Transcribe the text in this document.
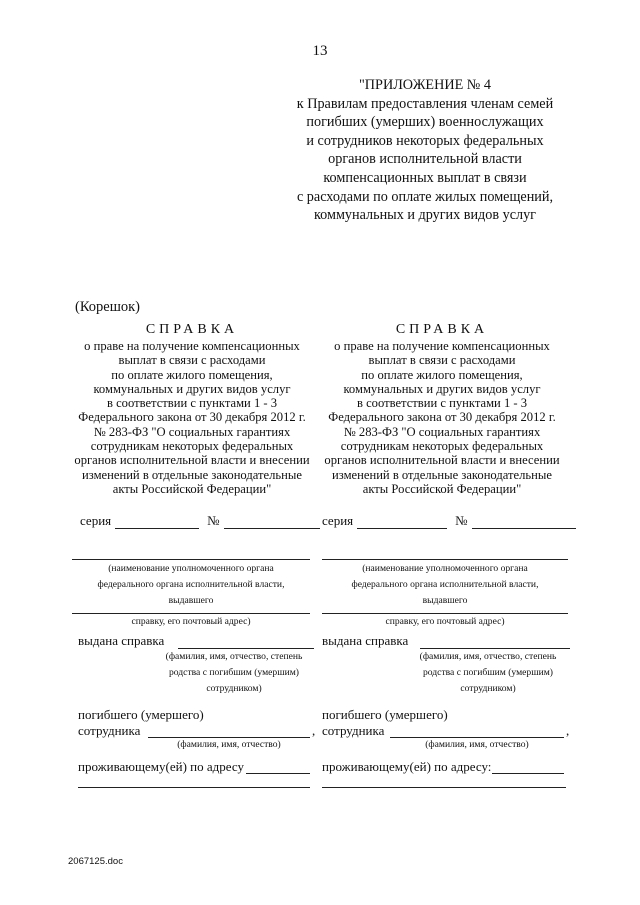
13
"ПРИЛОЖЕНИЕ № 4
к Правилам предоставления членам семей
погибших (умерших) военнослужащих
и сотрудников некоторых федеральных
органов исполнительной власти
компенсационных выплат в связи
с расходами по оплате жилых помещений,
коммунальных и других видов услуг
(Корешок)
СПРАВКА
о праве на получение компенсационных
выплат в связи с расходами
по оплате жилого помещения,
коммунальных и других видов услуг
в соответствии с пунктами 1 - 3
Федерального закона от 30 декабря 2012 г.
№ 283-ФЗ "О социальных гарантиях
сотрудникам некоторых федеральных
органов исполнительной власти и внесении
изменений в отдельные законодательные
акты Российской Федерации"
СПРАВКА
о праве на получение компенсационных
выплат в связи с расходами
по оплате жилого помещения,
коммунальных и других видов услуг
в соответствии с пунктами 1 - 3
Федерального закона от 30 декабря 2012 г.
№ 283-ФЗ "О социальных гарантиях
сотрудникам некоторых федеральных
органов исполнительной власти и внесении
изменений в отдельные законодательные
акты Российской Федерации"
серия	№	серия	№
(наименование уполномоченного органа
федерального органа исполнительной власти,
выдавшего
(наименование уполномоченного органа
федерального органа исполнительной власти,
выдавшего
справку, его почтовый адрес)	справку, его почтовый адрес)
выдана справка
(фамилия, имя, отчество, степень
родства с погибшим (умершим)
сотрудником)
выдана справка
(фамилия, имя, отчество, степень
родства с погибшим (умершим)
сотрудником)
погибшего (умершего)
сотрудника	,
(фамилия, имя, отчество)
погибшего (умершего)
сотрудника	,
(фамилия, имя, отчество)
проживающему(ей) по адресу	проживающему(ей) по адресу:
2067125.doc
